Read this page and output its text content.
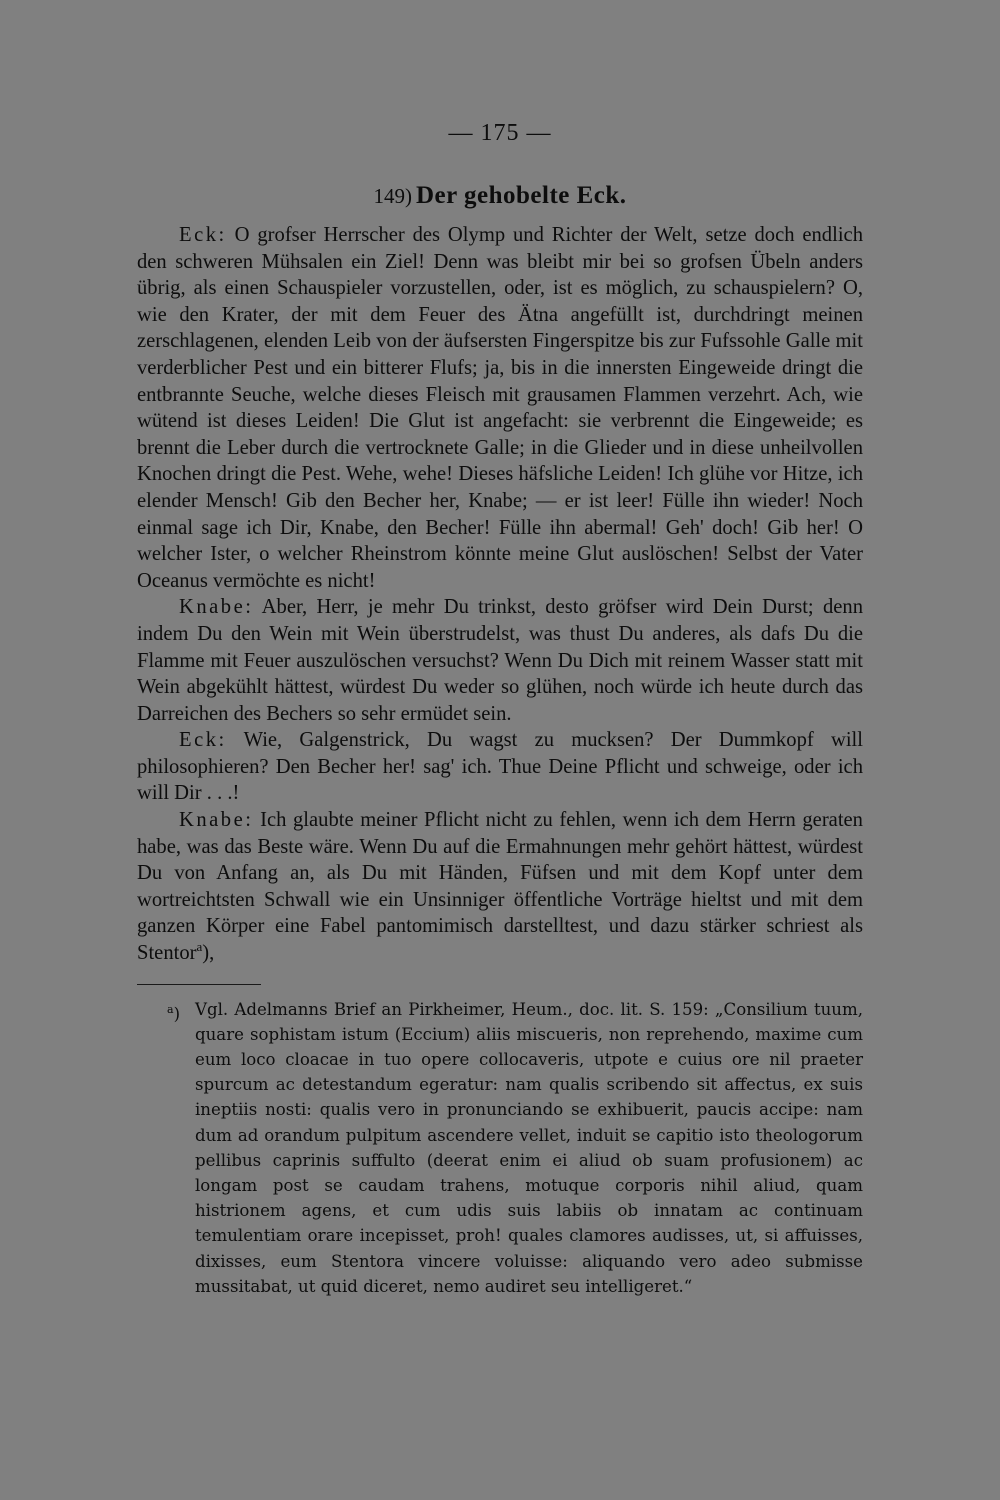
— 175 —
149) Der gehobelte Eck.

Eck: O grofser Herrscher des Olymp und Richter der Welt, setze doch endlich den schweren Mühsalen ein Ziel! Denn was bleibt mir bei so grofsen Übeln anders übrig, als einen Schauspieler vorzustellen, oder, ist es möglich, zu schauspielern? O, wie den Krater, der mit dem Feuer des Ätna angefüllt ist, durchdringt meinen zerschlagenen, elenden Leib von der äufsersten Fingerspitze bis zur Fufssohle Galle mit verderblicher Pest und ein bitterer Flufs; ja, bis in die innersten Eingeweide dringt die entbrannte Seuche, welche dieses Fleisch mit grausamen Flammen verzehrt. Ach, wie wütend ist dieses Leiden! Die Glut ist angefacht: sie verbrennt die Eingeweide; es brennt die Leber durch die vertrocknete Galle; in die Glieder und in diese unheilvollen Knochen dringt die Pest. Wehe, wehe! Dieses häfsliche Leiden! Ich glühe vor Hitze, ich elender Mensch! Gib den Becher her, Knabe; — er ist leer! Fülle ihn wieder! Noch einmal sage ich Dir, Knabe, den Becher! Fülle ihn abermal! Geh' doch! Gib her! O welcher Ister, o welcher Rheinstrom könnte meine Glut auslöschen! Selbst der Vater Oceanus vermöchte es nicht!

Knabe: Aber, Herr, je mehr Du trinkst, desto gröfser wird Dein Durst; denn indem Du den Wein mit Wein überstrudelst, was thust Du anderes, als dafs Du die Flamme mit Feuer auszulöschen versuchst? Wenn Du Dich mit reinem Wasser statt mit Wein abgekühlt hättest, würdest Du weder so glühen, noch würde ich heute durch das Darreichen des Bechers so sehr ermüdet sein.

Eck: Wie, Galgenstrick, Du wagst zu mucksen? Der Dummkopf will philosophieren? Den Becher her! sag' ich. Thue Deine Pflicht und schweige, oder ich will Dir . . .!

Knabe: Ich glaubte meiner Pflicht nicht zu fehlen, wenn ich dem Herrn geraten habe, was das Beste wäre. Wenn Du auf die Ermahnungen mehr gehört hättest, würdest Du von Anfang an, als Du mit Händen, Füfsen und mit dem Kopf unter dem wortreichtsten Schwall wie ein Unsinniger öffentliche Vorträge hieltst und mit dem ganzen Körper eine Fabel pantomimisch darstelltest, und dazu stärker schriest als Stentor$^a$),

$^a$) Vgl. Adelmanns Brief an Pirkheimer, Heum., doc. lit. S. 159: „Consilium tuum, quare sophistam istum (Eccium) aliis miscueris, non reprehendo, maxime cum eum loco cloacae in tuo opere collocaveris, utpote e cuius ore nil praeter spurcum ac detestandum egeratur: nam qualis scribendo sit affectus, ex suis ineptiis nosti: qualis vero in pronunciando se exhibuerit, paucis accipe: nam dum ad orandum pulpitum ascendere vellet, induit se capitio isto theologorum pellibus caprinis suffulto (deerat enim ei aliud ob suam profusionem) ac longam post se caudam trahens, motuque corporis nihil aliud, quam histrionem agens, et cum udis suis labiis ob innatam ac continuam temulentiam orare incepisset, proh! quales clamores audisses, ut, si affuisses, dixisses, eum Stentora vincere voluisse: aliquando vero adeo submisse mussitabat, ut quid diceret, nemo audiret seu intelligeret.“
